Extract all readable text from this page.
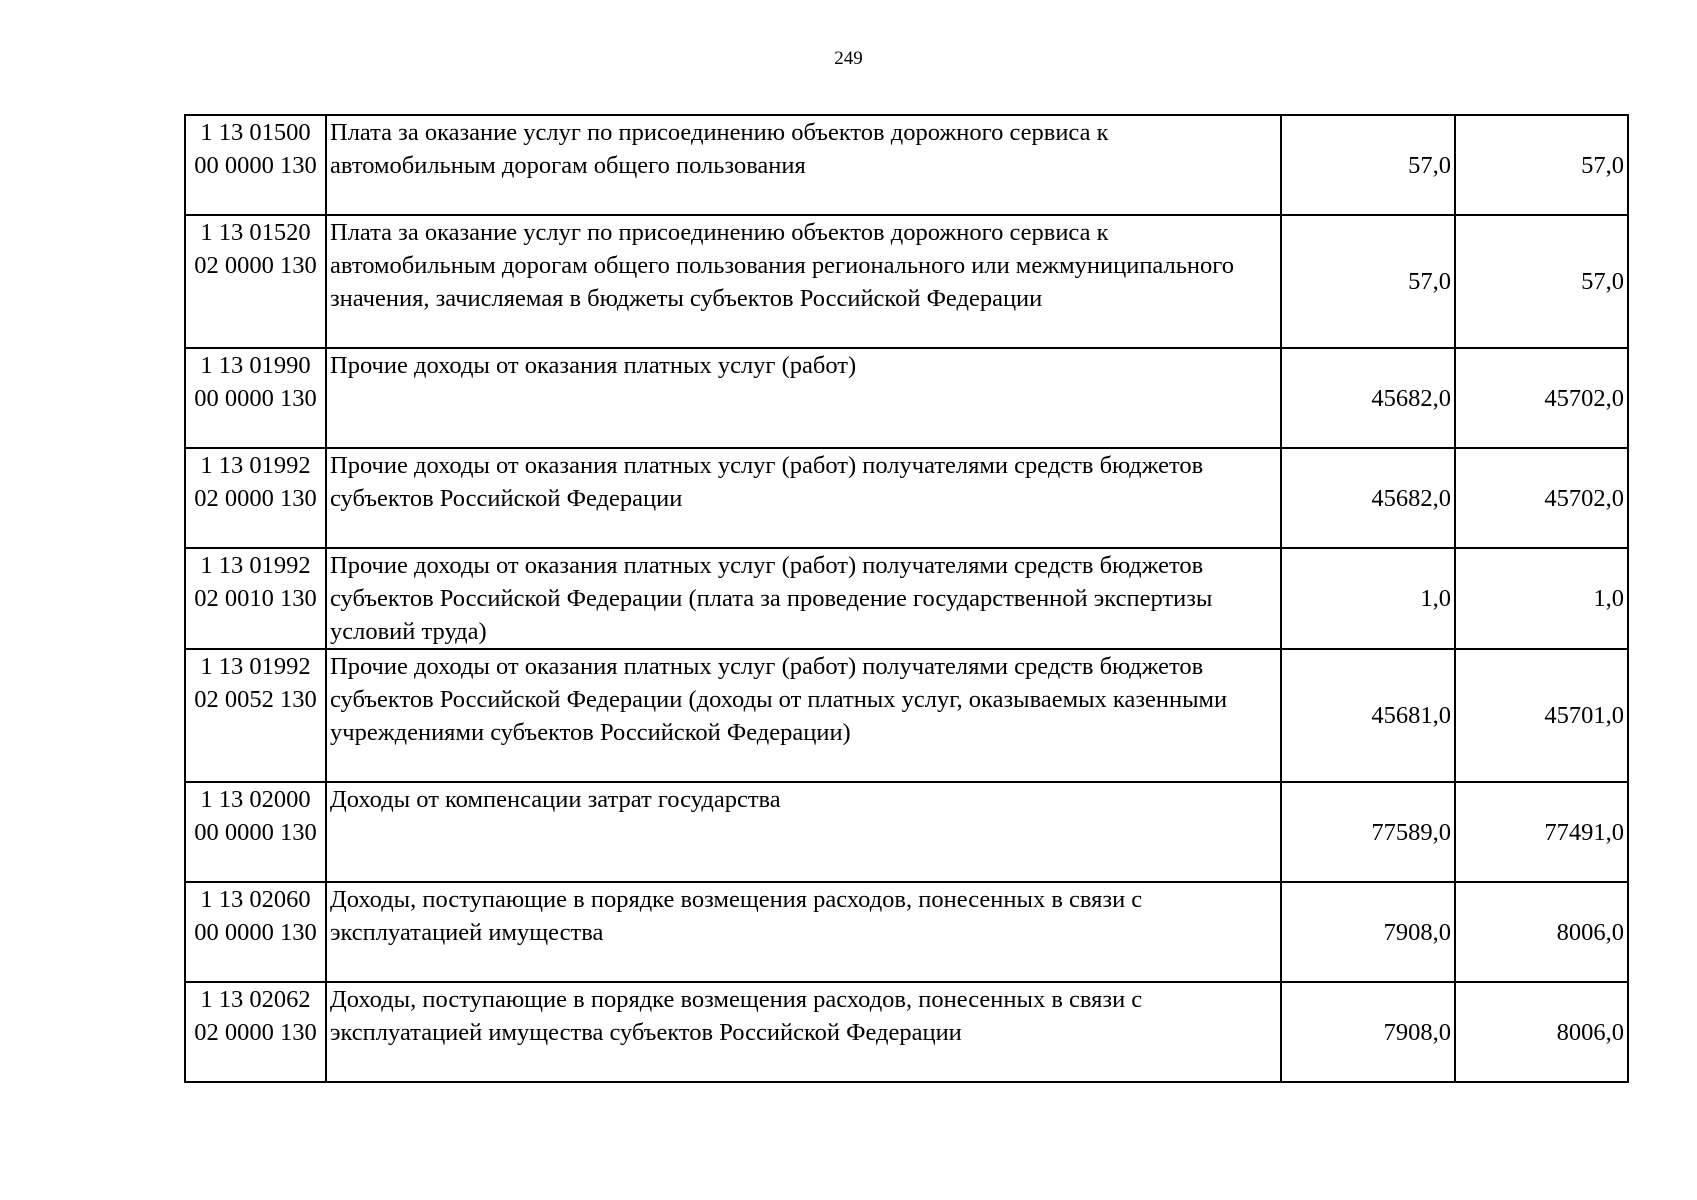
249
1 13 01500
00 0000 130	Плата за оказание услуг по присоединению объектов дорожного сервиса к автомобильным дорогам общего пользования	57,0	57,0
1 13 01520
02 0000 130	Плата за оказание услуг по присоединению объектов дорожного сервиса к автомобильным дорогам общего пользования регионального или межмуниципального значения, зачисляемая в бюджеты субъектов Российской Федерации	57,0	57,0
1 13 01990
00 0000 130	Прочие доходы от оказания платных услуг (работ)	45682,0	45702,0
1 13 01992
02 0000 130	Прочие доходы от оказания платных услуг (работ) получателями средств бюджетов субъектов Российской Федерации	45682,0	45702,0
1 13 01992
02 0010 130	Прочие доходы от оказания платных услуг (работ) получателями средств бюджетов субъектов Российской Федерации (плата за проведение государственной экспертизы условий труда)	1,0	1,0
1 13 01992
02 0052 130	Прочие доходы от оказания платных услуг (работ) получателями средств бюджетов субъектов Российской Федерации (доходы от платных услуг, оказываемых казенными учреждениями субъектов Российской Федерации)	45681,0	45701,0
1 13 02000
00 0000 130	Доходы от компенсации затрат государства	77589,0	77491,0
1 13 02060
00 0000 130	Доходы, поступающие в порядке возмещения расходов, понесенных в связи с эксплуатацией имущества	7908,0	8006,0
1 13 02062
02 0000 130	Доходы, поступающие в порядке возмещения расходов, понесенных в связи с эксплуатацией имущества субъектов Российской Федерации	7908,0	8006,0
